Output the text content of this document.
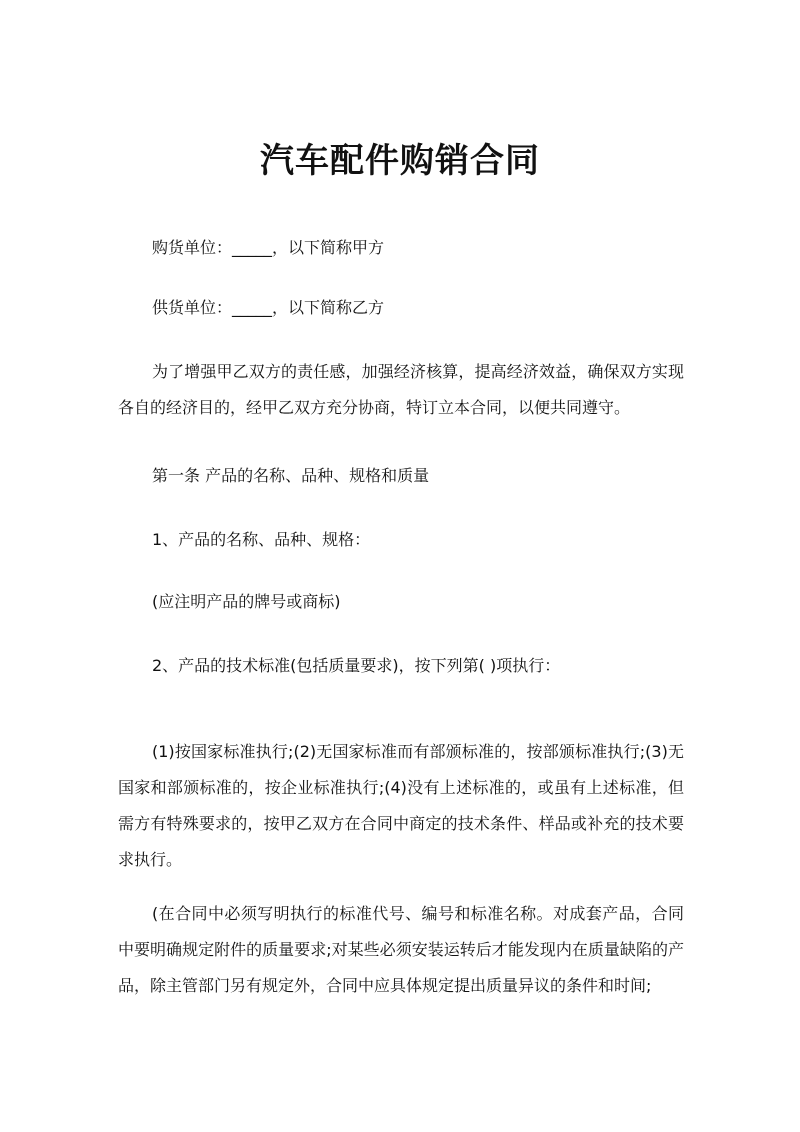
汽车配件购销合同
购货单位：_____，以下简称甲方
供货单位：_____，以下简称乙方
为了增强甲乙双方的责任感，加强经济核算，提高经济效益，确保双方实现各自的经济目的，经甲乙双方充分协商，特订立本合同，以便共同遵守。
第一条 产品的名称、品种、规格和质量
1、产品的名称、品种、规格：
(应注明产品的牌号或商标)
2、产品的技术标准(包括质量要求)，按下列第( )项执行：
(1)按国家标准执行;(2)无国家标准而有部颁标准的，按部颁标准执行;(3)无国家和部颁标准的，按企业标准执行;(4)没有上述标准的，或虽有上述标准，但需方有特殊要求的，按甲乙双方在合同中商定的技术条件、样品或补充的技术要求执行。
(在合同中必须写明执行的标准代号、编号和标准名称。对成套产品，合同中要明确规定附件的质量要求;对某些必须安装运转后才能发现内在质量缺陷的产品，除主管部门另有规定外，合同中应具体规定提出质量异议的条件和时间;
